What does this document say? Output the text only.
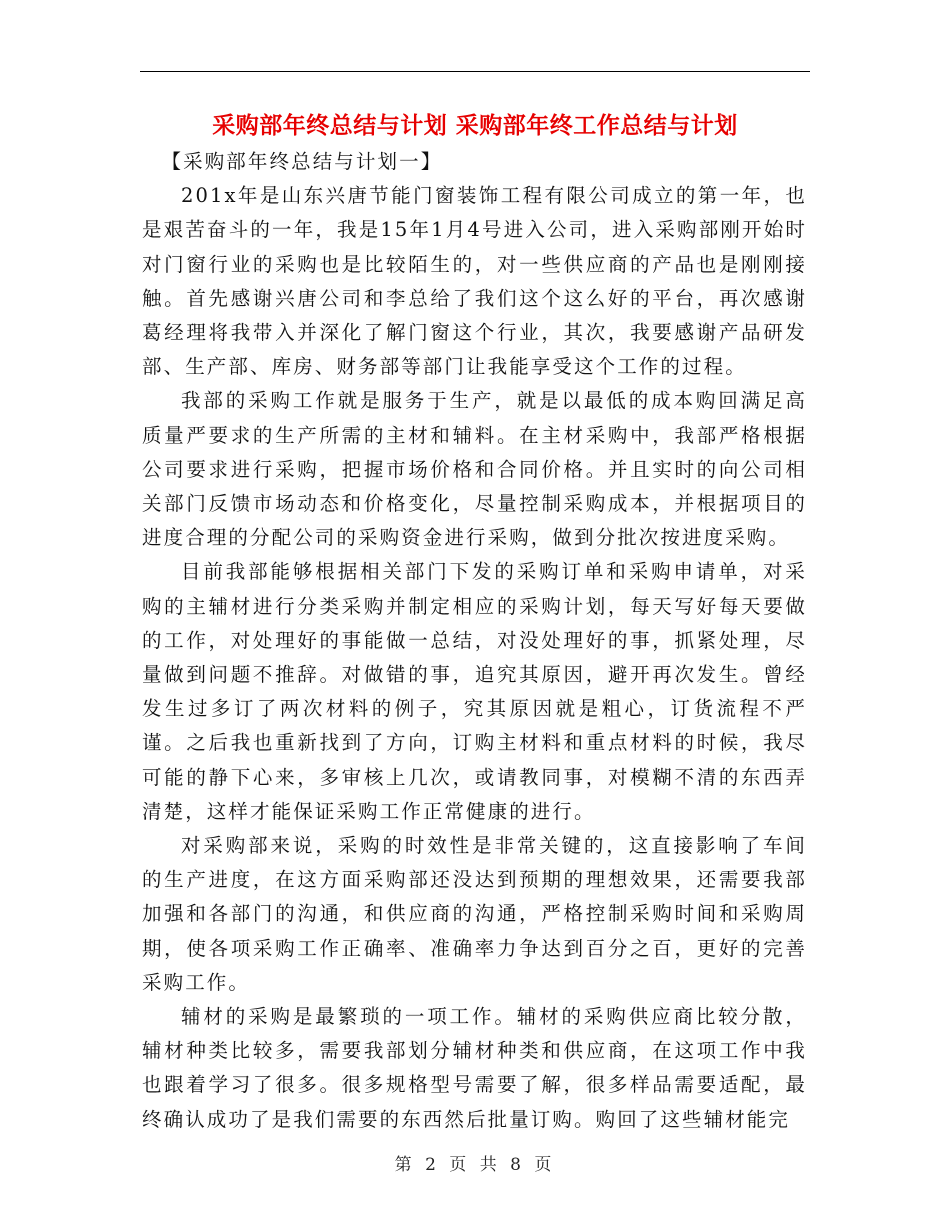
采购部年终总结与计划 采购部年终工作总结与计划

【采购部年终总结与计划一】

201x年是山东兴唐节能门窗装饰工程有限公司成立的第一年，也是艰苦奋斗的一年，我是15年1月4号进入公司，进入采购部刚开始时对门窗行业的采购也是比较陌生的，对一些供应商的产品也是刚刚接触。首先感谢兴唐公司和李总给了我们这个这么好的平台，再次感谢葛经理将我带入并深化了解门窗这个行业，其次，我要感谢产品研发部、生产部、库房、财务部等部门让我能享受这个工作的过程。

我部的采购工作就是服务于生产，就是以最低的成本购回满足高质量严要求的生产所需的主材和辅料。在主材采购中，我部严格根据公司要求进行采购，把握市场价格和合同价格。并且实时的向公司相关部门反馈市场动态和价格变化，尽量控制采购成本，并根据项目的进度合理的分配公司的采购资金进行采购，做到分批次按进度采购。

目前我部能够根据相关部门下发的采购订单和采购申请单，对采购的主辅材进行分类采购并制定相应的采购计划，每天写好每天要做的工作，对处理好的事能做一总结，对没处理好的事，抓紧处理，尽量做到问题不推辞。对做错的事，追究其原因，避开再次发生。曾经发生过多订了两次材料的例子，究其原因就是粗心，订货流程不严谨。之后我也重新找到了方向，订购主材料和重点材料的时候，我尽可能的静下心来，多审核上几次，或请教同事，对模糊不清的东西弄清楚，这样才能保证采购工作正常健康的进行。

对采购部来说，采购的时效性是非常关键的，这直接影响了车间的生产进度，在这方面采购部还没达到预期的理想效果，还需要我部加强和各部门的沟通，和供应商的沟通，严格控制采购时间和采购周期，使各项采购工作正确率、准确率力争达到百分之百，更好的完善采购工作。

辅材的采购是最繁琐的一项工作。辅材的采购供应商比较分散，辅材种类比较多，需要我部划分辅材种类和供应商，在这项工作中我也跟着学习了很多。很多规格型号需要了解，很多样品需要适配，最终确认成功了是我们需要的东西然后批量订购。购回了这些辅材能完

第 2 页 共 8 页
